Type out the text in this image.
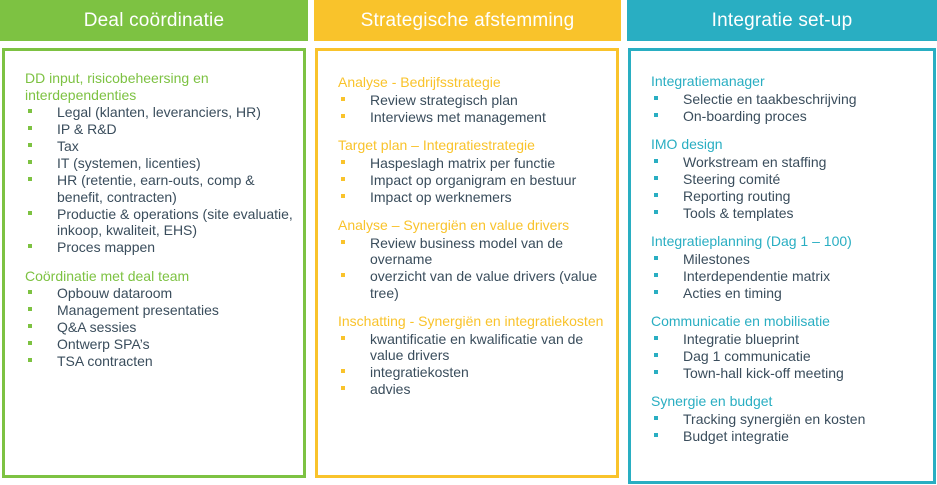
Deal coördinatie
DD input, risicobeheersing en interdependenties
Legal (klanten, leveranciers, HR)
IP & R&D
Tax
IT (systemen, licenties)
HR (retentie, earn-outs, comp & benefit, contracten)
Productie & operations (site evaluatie, inkoop, kwaliteit, EHS)
Proces mappen
Coördinatie met deal team
Opbouw dataroom
Management presentaties
Q&A sessies
Ontwerp SPA’s
TSA contracten
Strategische afstemming
Analyse - Bedrijfsstrategie
Review strategisch plan
Interviews met management
Target plan – Integratiestrategie
Haspeslagh matrix per functie
Impact op organigram en bestuur
Impact op werknemers
Analyse – Synergiën en value drivers
Review business model van de overname
overzicht van de value drivers (value tree)
Inschatting - Synergiën en integratiekosten
kwantificatie en kwalificatie van de value drivers
integratiekosten
advies
Integratie set-up
Integratiemanager
Selectie en taakbeschrijving
On-boarding proces
IMO design
Workstream en staffing
Steering comité
Reporting routing
Tools & templates
Integratieplanning (Dag 1 – 100)
Milestones
Interdependentie matrix
Acties en timing
Communicatie en mobilisatie
Integratie blueprint
Dag 1 communicatie
Town-hall kick-off meeting
Synergie en budget
Tracking synergiën en kosten
Budget integratie
